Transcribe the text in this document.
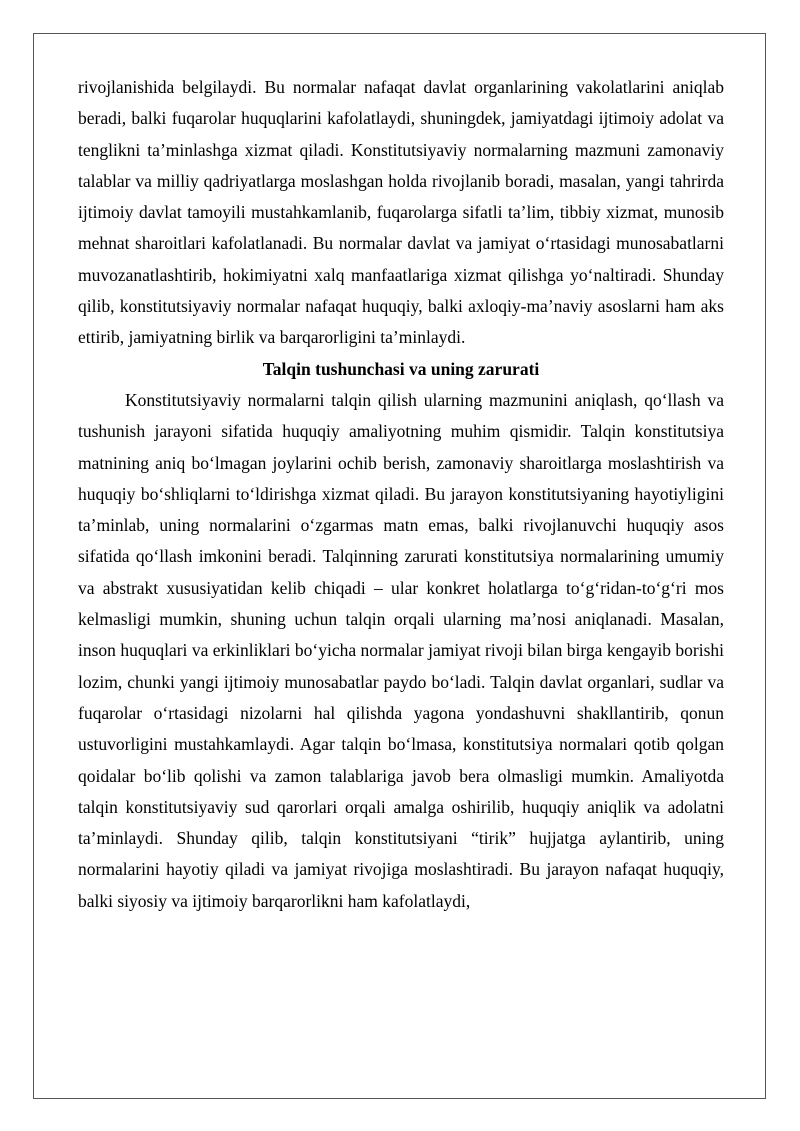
rivojlanishida belgilaydi. Bu normalar nafaqat davlat organlarining vakolatlarini aniqlab beradi, balki fuqarolar huquqlarini kafolatlaydi, shuningdek, jamiyatdagi ijtimoiy adolat va tenglikni ta’minlashga xizmat qiladi. Konstitutsiyaviy normalarning mazmuni zamonaviy talablar va milliy qadriyatlarga moslashgan holda rivojlanib boradi, masalan, yangi tahrirda ijtimoiy davlat tamoyili mustahkamlanib, fuqarolarga sifatli ta’lim, tibbiy xizmat, munosib mehnat sharoitlari kafolatlanadi. Bu normalar davlat va jamiyat o‘rtasidagi munosabatlarni muvozanatlashtirib, hokimiyatni xalq manfaatlariga xizmat qilishga yo‘naltiradi. Shunday qilib, konstitutsiyaviy normalar nafaqat huquqiy, balki axloqiy-ma’naviy asoslarni ham aks ettirib, jamiyatning birlik va barqarorligini ta’minlaydi.

Talqin tushunchasi va uning zarurati

Konstitutsiyaviy normalarni talqin qilish ularning mazmunini aniqlash, qo‘llash va tushunish jarayoni sifatida huquqiy amaliyotning muhim qismidir. Talqin konstitutsiya matnining aniq bo‘lmagan joylarini ochib berish, zamonaviy sharoitlarga moslashtirish va huquqiy bo‘shliqlarni to‘ldirishga xizmat qiladi. Bu jarayon konstitutsiyaning hayotiyligini ta’minlab, uning normalarini o‘zgarmas matn emas, balki rivojlanuvchi huquqiy asos sifatida qo‘llash imkonini beradi. Talqinning zarurati konstitutsiya normalarining umumiy va abstrakt xususiyatidan kelib chiqadi – ular konkret holatlarga to‘g‘ridan-to‘g‘ri mos kelmasligi mumkin, shuning uchun talqin orqali ularning ma’nosi aniqlanadi. Masalan, inson huquqlari va erkinliklari bo‘yicha normalar jamiyat rivoji bilan birga kengayib borishi lozim, chunki yangi ijtimoiy munosabatlar paydo bo‘ladi. Talqin davlat organlari, sudlar va fuqarolar o‘rtasidagi nizolarni hal qilishda yagona yondashuvni shakllantirib, qonun ustuvorligini mustahkamlaydi. Agar talqin bo‘lmasa, konstitutsiya normalari qotib qolgan qoidalar bo‘lib qolishi va zamon talablariga javob bera olmasligi mumkin. Amaliyotda talqin konstitutsiyaviy sud qarorlari orqali amalga oshirilib, huquqiy aniqlik va adolatni ta’minlaydi. Shunday qilib, talqin konstitutsiyani “tirik” hujjatga aylantirib, uning normalarini hayotiy qiladi va jamiyat rivojiga moslashtiradi. Bu jarayon nafaqat huquqiy, balki siyosiy va ijtimoiy barqarorlikni ham kafolatlaydi,
